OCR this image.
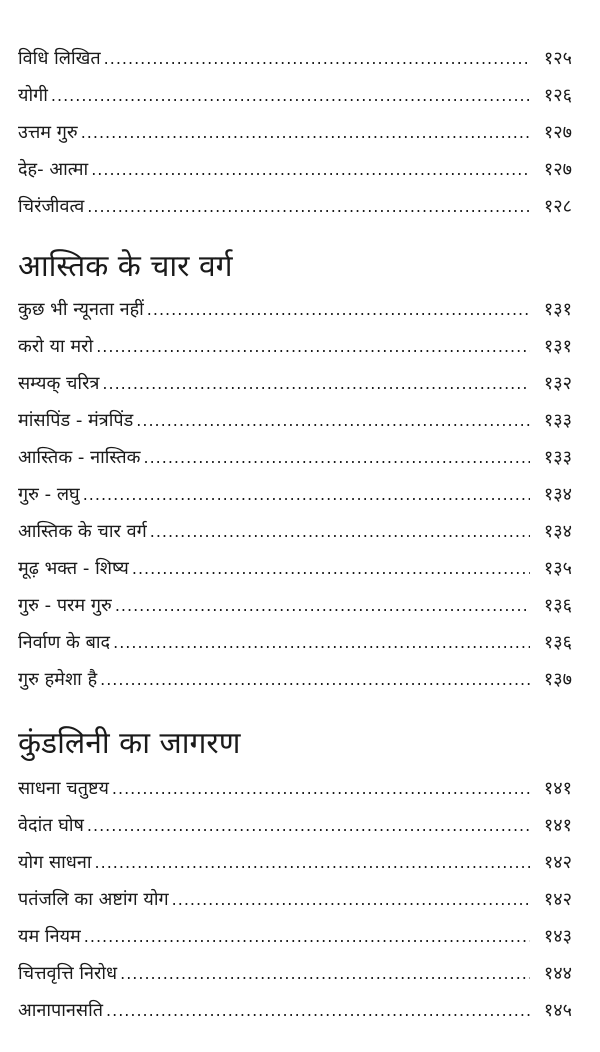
विधि लिखित .....	१२५
योगी .....	१२६
उत्तम गुरु .....	१२७
देह- आत्मा .....	१२७
चिरंजीवत्व .....	१२८
आस्तिक के चार वर्ग
कुछ भी न्यूनता नहीं .....	१३१
करो या मरो .....	१३१
सम्यक् चरित्र .....	१३२
मांसपिंड - मंत्रपिंड .....	१३३
आस्तिक - नास्तिक .....	१३३
गुरु - लघु .....	१३४
आस्तिक के चार वर्ग .....	१३४
मूढ़ भक्त - शिष्य .....	१३५
गुरु - परम गुरु .....	१३६
निर्वाण के बाद .....	१३६
गुरु हमेशा है .....	१३७
कुंडलिनी का जागरण
साधना चतुष्टय .....	१४१
वेदांत घोष .....	१४१
योग साधना .....	१४२
पतंजलि का अष्टांग योग .....	१४२
यम नियम .....	१४३
चित्तवृत्ति निरोध .....	१४४
आनापानसति .....	१४५
